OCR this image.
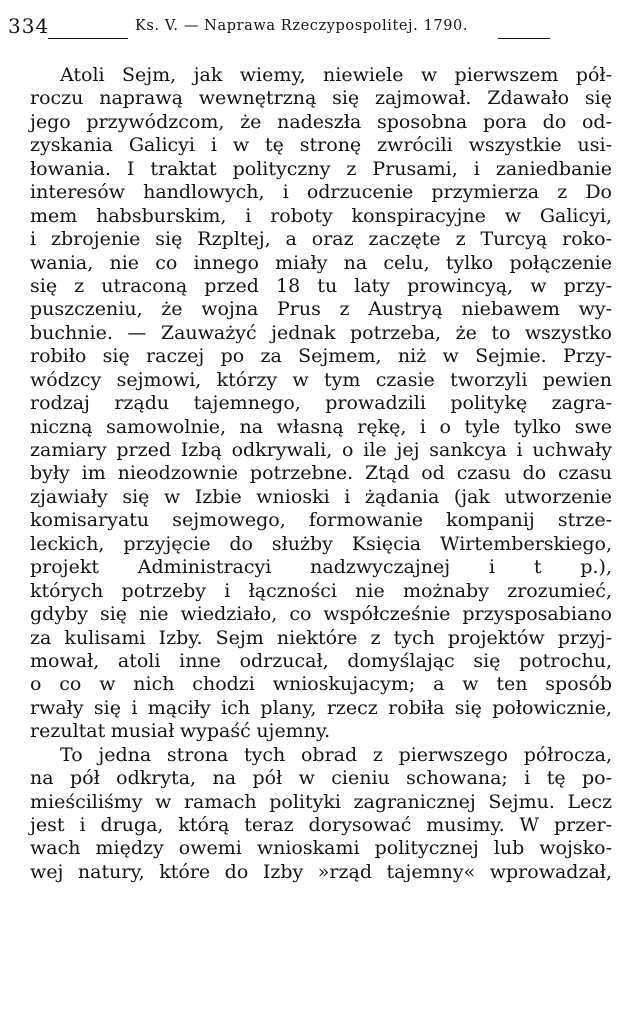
334	Ks. V. — Naprawa Rzeczypospolitej. 1790.
Atoli Sejm, jak wiemy, niewiele w pierwszem pół-
roczu naprawą wewnętrzną się zajmował. Zdawało się
jego przywódzcom, że nadeszła sposobna pora do od-
zyskania Galicyi i w tę stronę zwrócili wszystkie usi-
łowania. I traktat polityczny z Prusami, i zaniedbanie
interesów handlowych, i odrzucenie przymierza z Do
mem habsburskim, i roboty konspiracyjne w Galicyi,
i zbrojenie się Rzpltej, a oraz zaczęte z Turcyą roko-
wania, nie co innego miały na celu, tylko połączenie
się z utraconą przed 18 tu laty prowincyą, w przy-
puszczeniu, że wojna Prus z Austryą niebawem wy-
buchnie. — Zauważyć jednak potrzeba, że to wszystko
robiło się raczej po za Sejmem, niż w Sejmie. Przy-
wódzcy sejmowi, którzy w tym czasie tworzyli pewien
rodzaj rządu tajemnego, prowadzili politykę zagra-
niczną samowolnie, na własną rękę, i o tyle tylko swe
zamiary przed Izbą odkrywali, o ile jej sankcya i uchwały
były im nieodzownie potrzebne. Ztąd od czasu do czasu
zjawiały się w Izbie wnioski i żądania (jak utworzenie
komisaryatu sejmowego, formowanie kompanij strze-
leckich, przyjęcie do służby Księcia Wirtemberskiego,
projekt Administracyi nadzwyczajnej i t p.),
których potrzeby i łączności nie możnaby zrozumieć,
gdyby się nie wiedziało, co współcześnie przysposabiano
za kulisami Izby. Sejm niektóre z tych projektów przyj-
mował, atoli inne odrzucał, domyślając się potrochu,
o co w nich chodzi wnioskujacym; a w ten sposób
rwały się i mąciły ich plany, rzecz robiła się połowicznie,
rezultat musiał wypaść ujemny.
To jedna strona tych obrad z pierwszego półrocza,
na pół odkryta, na pół w cieniu schowana; i tę po-
mieściliśmy w ramach polityki zagranicznej Sejmu. Lecz
jest i druga, którą teraz dorysować musimy. W przer-
wach między owemi wnioskami politycznej lub wojsko-
wej natury, które do Izby »rząd tajemny« wprowadzał,
